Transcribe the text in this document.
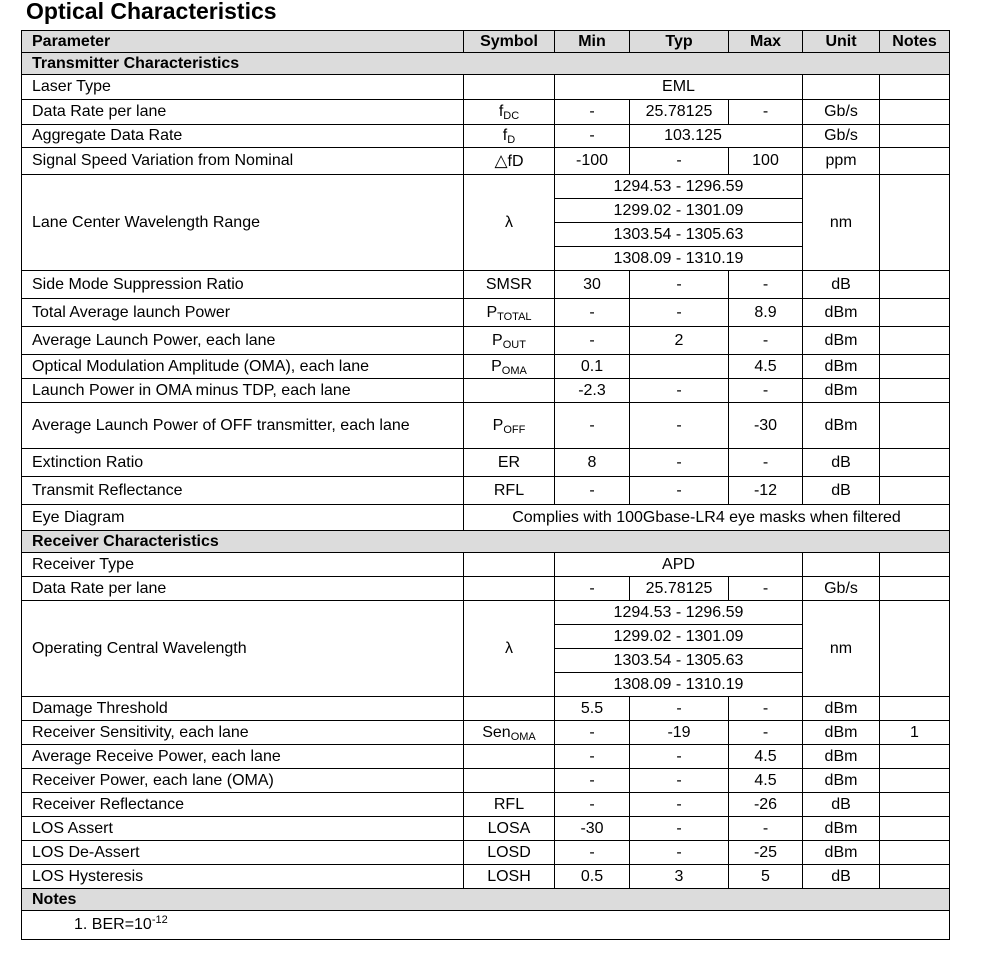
Optical Characteristics
Parameter	Symbol	Min	Typ	Max	Unit	Notes
Transmitter Characteristics						
Laser Type		EML				
Data Rate per lane	$f_{DC}$	-	25.78125	-	Gb/s	
Aggregate Data Rate	$f_D$	-	103.125		Gb/s	
Signal Speed Variation from Nominal	△fD	-100	-	100	ppm	
Lane Center Wavelength Range	λ	1294.53 - 1296.59			nm	
		1299.02 - 1301.09				
		1303.54 - 1305.63				
		1308.09 - 1310.19				
Side Mode Suppression Ratio	SMSR	30	-	-	dB	
Total Average launch Power	$P_{TOTAL}$	-	-	8.9	dBm	
Average Launch Power, each lane	$P_{OUT}$	-	2	-	dBm	
Optical Modulation Amplitude (OMA), each lane	$P_{OMA}$	0.1		4.5	dBm	
Launch Power in OMA minus TDP, each lane		-2.3	-	-	dBm	
Average Launch Power of OFF transmitter, each lane	$P_{OFF}$	-	-	-30	dBm	
Extinction Ratio	ER	8	-	-	dB	
Transmit Reflectance	RFL	-	-	-12	dB	
Eye Diagram	Complies with 100Gbase-LR4 eye masks when filtered					
Receiver Characteristics						
Receiver Type		APD				
Data Rate per lane		-	25.78125	-	Gb/s	
Operating Central Wavelength	λ	1294.53 - 1296.59			nm	
		1299.02 - 1301.09				
		1303.54 - 1305.63				
		1308.09 - 1310.19				
Damage Threshold		5.5	-	-	dBm	
Receiver Sensitivity, each lane	Sen$_{OMA}$	-	-19	-	dBm	1
Average Receive Power, each lane		-	-	4.5	dBm	
Receiver Power, each lane (OMA)		-	-	4.5	dBm	
Receiver Reflectance	RFL	-	-	-26	dB	
LOS Assert	LOSA	-30	-	-	dBm	
LOS De-Assert	LOSD	-	-	-25	dBm	
LOS Hysteresis	LOSH	0.5	3	5	dB	
Notes						
1. $BER=10^{-12}$
